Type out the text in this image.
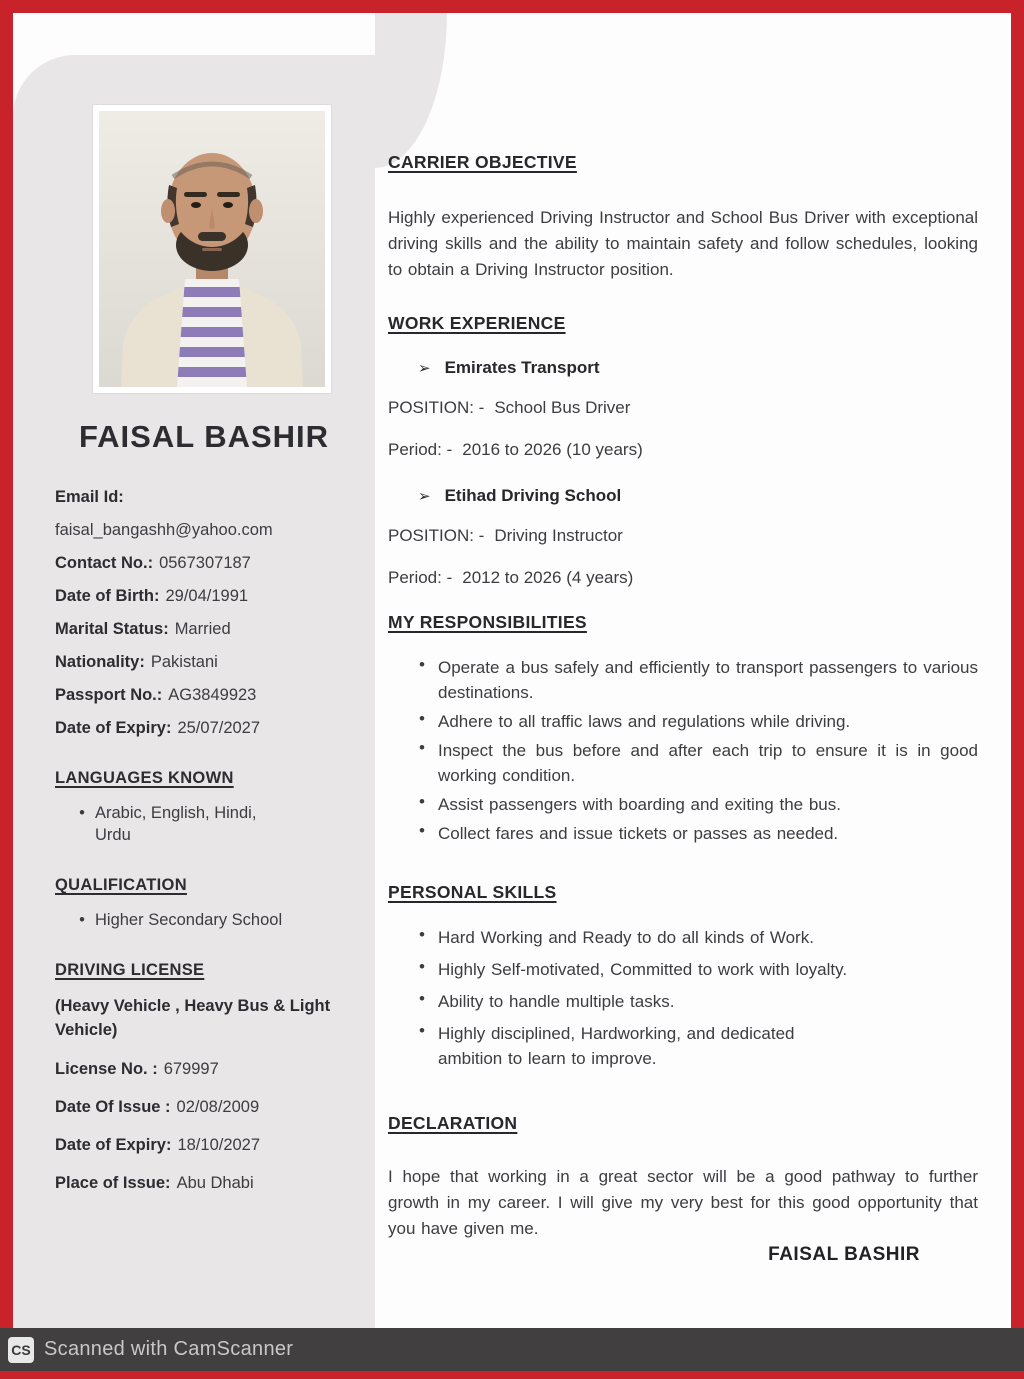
FAISAL BASHIR
Email Id:
faisal_bangashh@yahoo.com
Contact No.: 0567307187
Date of Birth: 29/04/1991
Marital Status: Married
Nationality: Pakistani
Passport No.: AG3849923
Date of Expiry: 25/07/2027
LANGUAGES KNOWN
• Arabic, English, Hindi, Urdu
QUALIFICATION
• Higher Secondary School
DRIVING LICENSE

(Heavy Vehicle , Heavy Bus & Light Vehicle)

License No. : 679997
Date Of Issue : 02/08/2009
Date of Expiry: 18/10/2027
Place of Issue: Abu Dhabi
CARRIER OBJECTIVE

Highly experienced Driving Instructor and School Bus Driver with exceptional driving skills and the ability to maintain safety and follow schedules, looking to obtain a Driving Instructor position.

WORK EXPERIENCE
➢ Emirates Transport
POSITION: - School Bus Driver
Period: - 2016 to 2026 (10 years)
➢ Etihad Driving School
POSITION: - Driving Instructor
Period: - 2012 to 2026 (4 years)
MY RESPONSIBILITIES
• Operate a bus safely and efficiently to transport passengers to various destinations.
• Adhere to all traffic laws and regulations while driving.
• Inspect the bus before and after each trip to ensure it is in good working condition.
• Assist passengers with boarding and exiting the bus.
• Collect fares and issue tickets or passes as needed.
PERSONAL SKILLS
• Hard Working and Ready to do all kinds of Work.
• Highly Self-motivated, Committed to work with loyalty.
• Ability to handle multiple tasks.
• Highly disciplined, Hardworking, and dedicated ambition to learn to improve.
DECLARATION

I hope that working in a great sector will be a good pathway to further growth in my career. I will give my very best for this good opportunity that you have given me.

FAISAL BASHIR
CS Scanned with CamScanner
